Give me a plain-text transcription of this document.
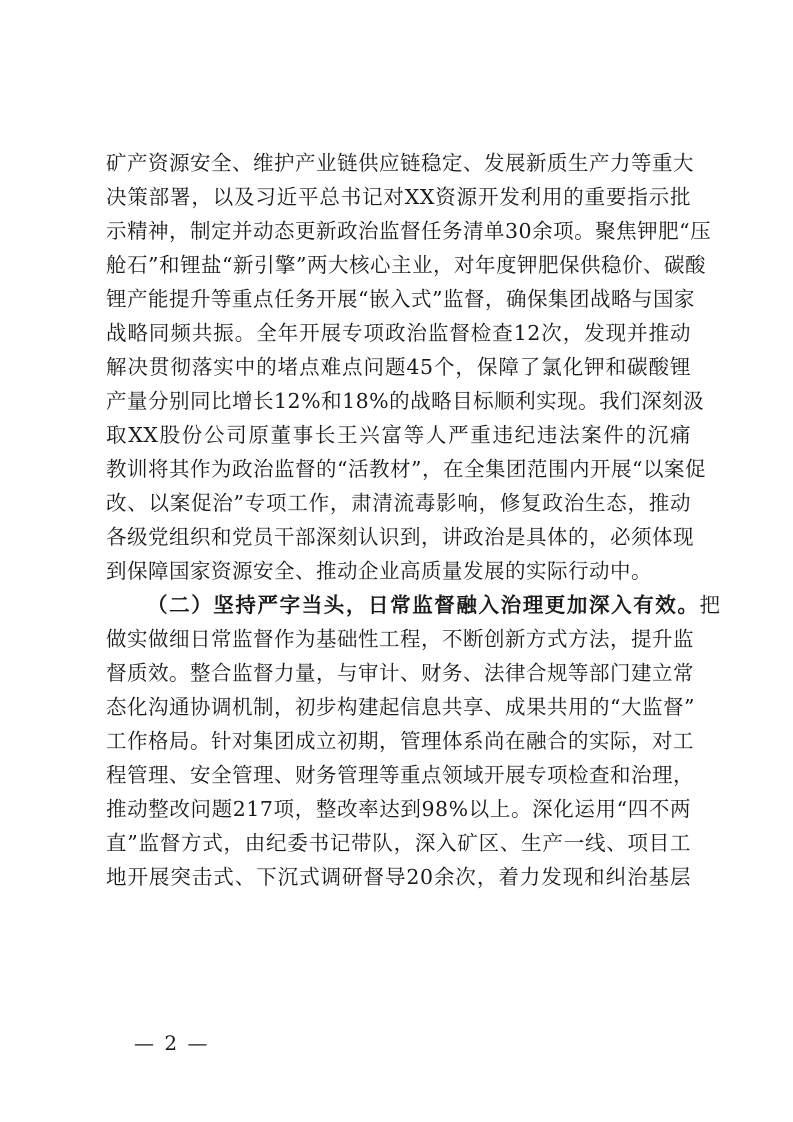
矿产资源安全、维护产业链供应链稳定、发展新质生产力等重大
决策部署，以及习近平总书记对XX资源开发利用的重要指示批
示精神，制定并动态更新政治监督任务清单30余项。聚焦钾肥“压
舱石”和锂盐“新引擎”两大核心主业，对年度钾肥保供稳价、碳酸
锂产能提升等重点任务开展“嵌入式”监督，确保集团战略与国家
战略同频共振。全年开展专项政治监督检查12次，发现并推动
解决贯彻落实中的堵点难点问题45个，保障了氯化钾和碳酸锂
产量分别同比增长12%和18%的战略目标顺利实现。我们深刻汲
取XX股份公司原董事长王兴富等人严重违纪违法案件的沉痛
教训将其作为政治监督的“活教材”，在全集团范围内开展“以案促
改、以案促治”专项工作，肃清流毒影响，修复政治生态，推动
各级党组织和党员干部深刻认识到，讲政治是具体的，必须体现
到保障国家资源安全、推动企业高质量发展的实际行动中。
（二）坚持严字当头，日常监督融入治理更加深入有效。把
做实做细日常监督作为基础性工程，不断创新方式方法，提升监
督质效。整合监督力量，与审计、财务、法律合规等部门建立常
态化沟通协调机制，初步构建起信息共享、成果共用的“大监督”
工作格局。针对集团成立初期，管理体系尚在融合的实际，对工
程管理、安全管理、财务管理等重点领域开展专项检查和治理，
推动整改问题217项，整改率达到98%以上。深化运用“四不两
直”监督方式，由纪委书记带队，深入矿区、生产一线、项目工
地开展突击式、下沉式调研督导20余次，着力发现和纠治基层
— 2 —
